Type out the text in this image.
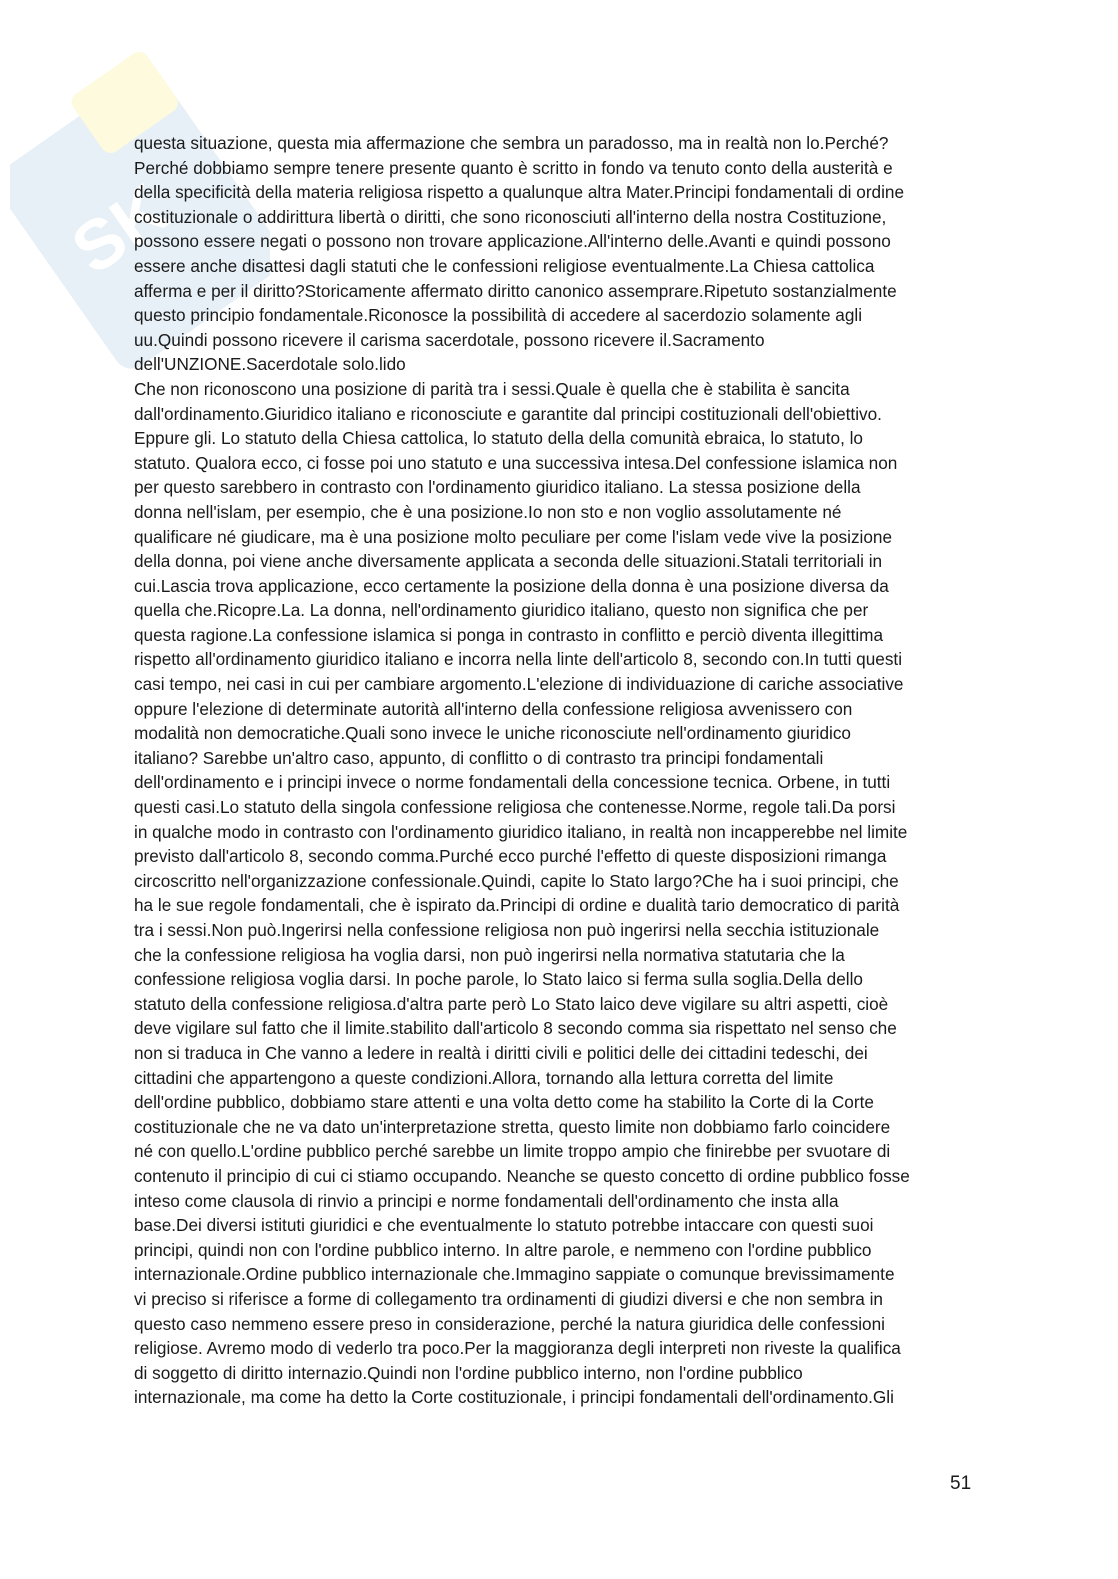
SK
questa situazione, questa mia affermazione che sembra un paradosso, ma in realtà non lo.Perché?
Perché dobbiamo sempre tenere presente quanto è scritto in fondo va tenuto conto della austerità e
della specificità della materia religiosa rispetto a qualunque altra Mater.Principi fondamentali di ordine
costituzionale o addirittura libertà o diritti, che sono riconosciuti all'interno della nostra Costituzione,
possono essere negati o possono non trovare applicazione.All'interno delle.Avanti e quindi possono
essere anche disattesi dagli statuti che le confessioni religiose eventualmente.La Chiesa cattolica
afferma e per il diritto?Storicamente affermato diritto canonico assemprare.Ripetuto sostanzialmente
questo principio fondamentale.Riconosce la possibilità di accedere al sacerdozio solamente agli
uu.Quindi possono ricevere il carisma sacerdotale, possono ricevere il.Sacramento
dell'UNZIONE.Sacerdotale solo.lido
Che non riconoscono una posizione di parità tra i sessi.Quale è quella che è stabilita è sancita
dall'ordinamento.Giuridico italiano e riconosciute e garantite dal principi costituzionali dell'obiettivo.
Eppure gli. Lo statuto della Chiesa cattolica, lo statuto della della comunità ebraica, lo statuto, lo
statuto. Qualora ecco, ci fosse poi uno statuto e una successiva intesa.Del confessione islamica non
per questo sarebbero in contrasto con l'ordinamento giuridico italiano. La stessa posizione della
donna nell'islam, per esempio, che è una posizione.Io non sto e non voglio assolutamente né
qualificare né giudicare, ma è una posizione molto peculiare per come l'islam vede vive la posizione
della donna, poi viene anche diversamente applicata a seconda delle situazioni.Statali territoriali in
cui.Lascia trova applicazione, ecco certamente la posizione della donna è una posizione diversa da
quella che.Ricopre.La. La donna, nell'ordinamento giuridico italiano, questo non significa che per
questa ragione.La confessione islamica si ponga in contrasto in conflitto e perciò diventa illegittima
rispetto all'ordinamento giuridico italiano e incorra nella linte dell'articolo 8, secondo con.In tutti questi
casi tempo, nei casi in cui per cambiare argomento.L'elezione di individuazione di cariche associative
oppure l'elezione di determinate autorità all'interno della confessione religiosa avvenissero con
modalità non democratiche.Quali sono invece le uniche riconosciute nell'ordinamento giuridico
italiano? Sarebbe un'altro caso, appunto, di conflitto o di contrasto tra principi fondamentali
dell'ordinamento e i principi invece o norme fondamentali della concessione tecnica. Orbene, in tutti
questi casi.Lo statuto della singola confessione religiosa che contenesse.Norme, regole tali.Da porsi
in qualche modo in contrasto con l'ordinamento giuridico italiano, in realtà non incapperebbe nel limite
previsto dall'articolo 8, secondo comma.Purché ecco purché l'effetto di queste disposizioni rimanga
circoscritto nell'organizzazione confessionale.Quindi, capite lo Stato largo?Che ha i suoi principi, che
ha le sue regole fondamentali, che è ispirato da.Principi di ordine e dualità tario democratico di parità
tra i sessi.Non può.Ingerirsi nella confessione religiosa non può ingerirsi nella secchia istituzionale
che la confessione religiosa ha voglia darsi, non può ingerirsi nella normativa statutaria che la
confessione religiosa voglia darsi. In poche parole, lo Stato laico si ferma sulla soglia.Della dello
statuto della confessione religiosa.d'altra parte però Lo Stato laico deve vigilare su altri aspetti, cioè
deve vigilare sul fatto che il limite.stabilito dall'articolo 8 secondo comma sia rispettato nel senso che
non si traduca in Che vanno a ledere in realtà i diritti civili e politici delle dei cittadini tedeschi, dei
cittadini che appartengono a queste condizioni.Allora, tornando alla lettura corretta del limite
dell'ordine pubblico, dobbiamo stare attenti e una volta detto come ha stabilito la Corte di la Corte
costituzionale che ne va dato un'interpretazione stretta, questo limite non dobbiamo farlo coincidere
né con quello.L'ordine pubblico perché sarebbe un limite troppo ampio che finirebbe per svuotare di
contenuto il principio di cui ci stiamo occupando. Neanche se questo concetto di ordine pubblico fosse
inteso come clausola di rinvio a principi e norme fondamentali dell'ordinamento che insta alla
base.Dei diversi istituti giuridici e che eventualmente lo statuto potrebbe intaccare con questi suoi
principi, quindi non con l'ordine pubblico interno. In altre parole, e nemmeno con l'ordine pubblico
internazionale.Ordine pubblico internazionale che.Immagino sappiate o comunque brevissimamente
vi preciso si riferisce a forme di collegamento tra ordinamenti di giudizi diversi e che non sembra in
questo caso nemmeno essere preso in considerazione, perché la natura giuridica delle confessioni
religiose. Avremo modo di vederlo tra poco.Per la maggioranza degli interpreti non riveste la qualifica
di soggetto di diritto internazio.Quindi non l'ordine pubblico interno, non l'ordine pubblico
internazionale, ma come ha detto la Corte costituzionale, i principi fondamentali dell'ordinamento.Gli
51
